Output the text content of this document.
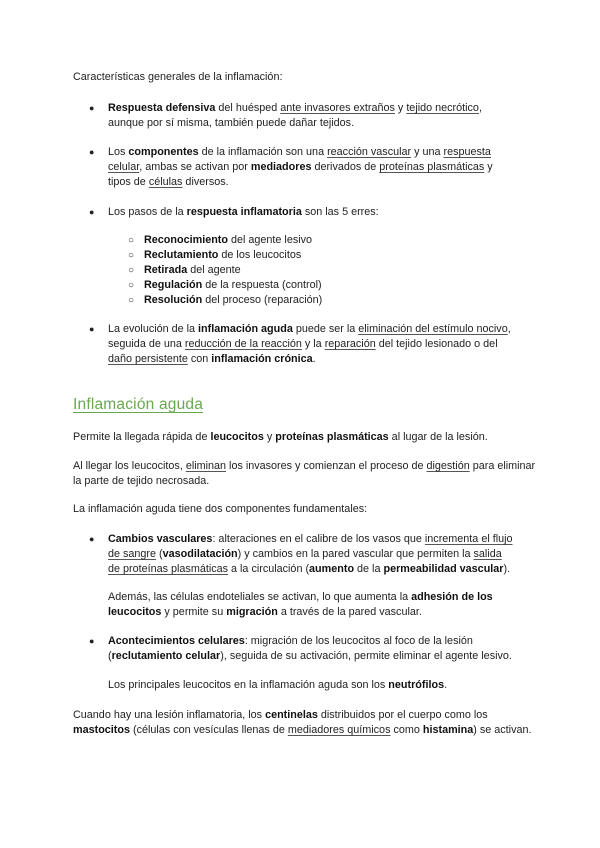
Características generales de la inflamación:

● Respuesta defensiva del huésped ante invasores extraños y tejido necrótico, aunque por sí misma, también puede dañar tejidos.

● Los componentes de la inflamación son una reacción vascular y una respuesta celular, ambas se activan por mediadores derivados de proteínas plasmáticas y tipos de células diversos.

● Los pasos de la respuesta inflamatoria son las 5 erres:

○ Reconocimiento del agente lesivo

○ Reclutamiento de los leucocitos

○ Retirada del agente

○ Regulación de la respuesta (control)

○ Resolución del proceso (reparación)

● La evolución de la inflamación aguda puede ser la eliminación del estímulo nocivo, seguida de una reducción de la reacción y la reparación del tejido lesionado o del daño persistente con inflamación crónica.

Inflamación aguda

Permite la llegada rápida de leucocitos y proteínas plasmáticas al lugar de la lesión.

Al llegar los leucocitos, eliminan los invasores y comienzan el proceso de digestión para eliminar la parte de tejido necrosada.

La inflamación aguda tiene dos componentes fundamentales:

● Cambios vasculares: alteraciones en el calibre de los vasos que incrementa el flujo de sangre (vasodilatación) y cambios en la pared vascular que permiten la salida de proteínas plasmáticas a la circulación (aumento de la permeabilidad vascular).

Además, las células endoteliales se activan, lo que aumenta la adhesión de los leucocitos y permite su migración a través de la pared vascular.

● Acontecimientos celulares: migración de los leucocitos al foco de la lesión (reclutamiento celular), seguida de su activación, permite eliminar el agente lesivo.

Los principales leucocitos en la inflamación aguda son los neutrófilos.

Cuando hay una lesión inflamatoria, los centinelas distribuidos por el cuerpo como los mastocitos (células con vesículas llenas de mediadores químicos como histamina) se activan.
